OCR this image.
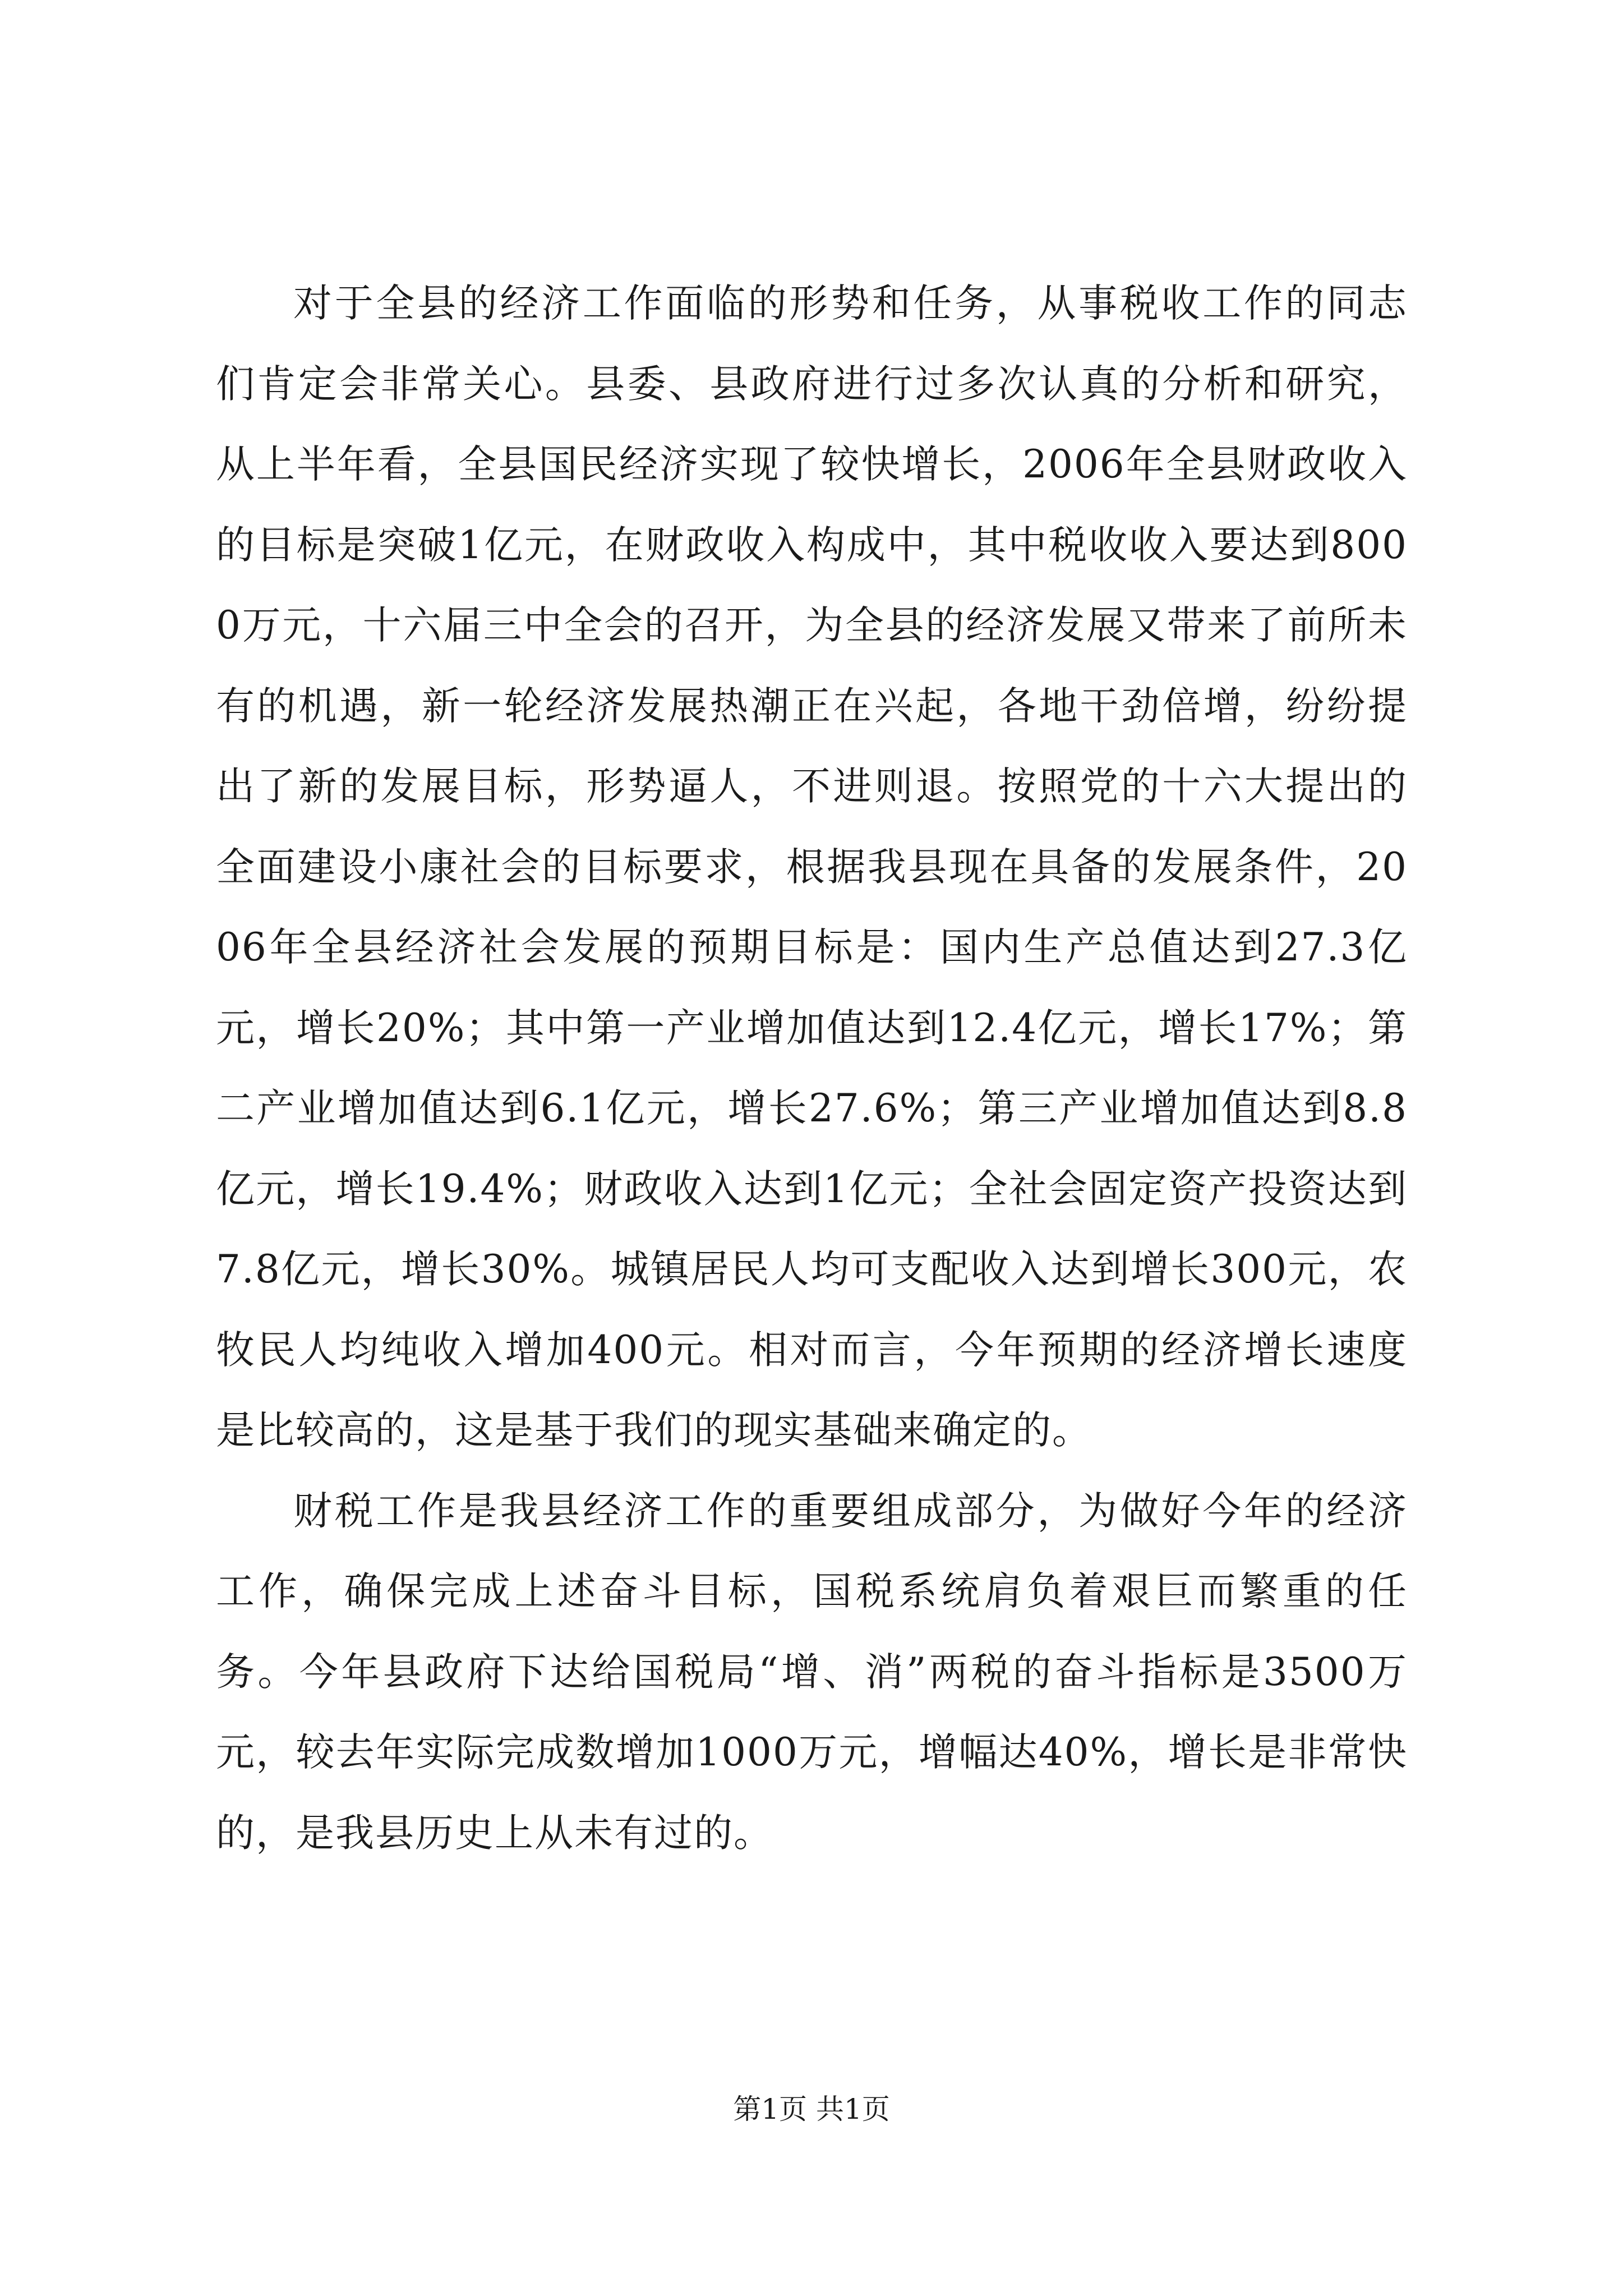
对于全县的经济工作面临的形势和任务，从事税收工作的同志们肯定会非常关心。县委、县政府进行过多次认真的分析和研究，从上半年看，全县国民经济实现了较快增长，2006年全县财政收入的目标是突破1亿元，在财政收入构成中，其中税收收入要达到8000万元，十六届三中全会的召开，为全县的经济发展又带来了前所未有的机遇，新一轮经济发展热潮正在兴起，各地干劲倍增，纷纷提出了新的发展目标，形势逼人，不进则退。按照党的十六大提出的全面建设小康社会的目标要求，根据我县现在具备的发展条件，2006年全县经济社会发展的预期目标是：国内生产总值达到27.3亿元，增长20%；其中第一产业增加值达到12.4亿元，增长17%；第二产业增加值达到6.1亿元，增长27.6%；第三产业增加值达到8.8亿元，增长19.4%；财政收入达到1亿元；全社会固定资产投资达到7.8亿元，增长30%。城镇居民人均可支配收入达到增长300元，农牧民人均纯收入增加400元。相对而言，今年预期的经济增长速度是比较高的，这是基于我们的现实基础来确定的。

财税工作是我县经济工作的重要组成部分，为做好今年的经济工作，确保完成上述奋斗目标，国税系统肩负着艰巨而繁重的任务。今年县政府下达给国税局“增、消”两税的奋斗指标是3500万元，较去年实际完成数增加1000万元，增幅达40%，增长是非常快的，是我县历史上从未有过的。

第1页 共1页
